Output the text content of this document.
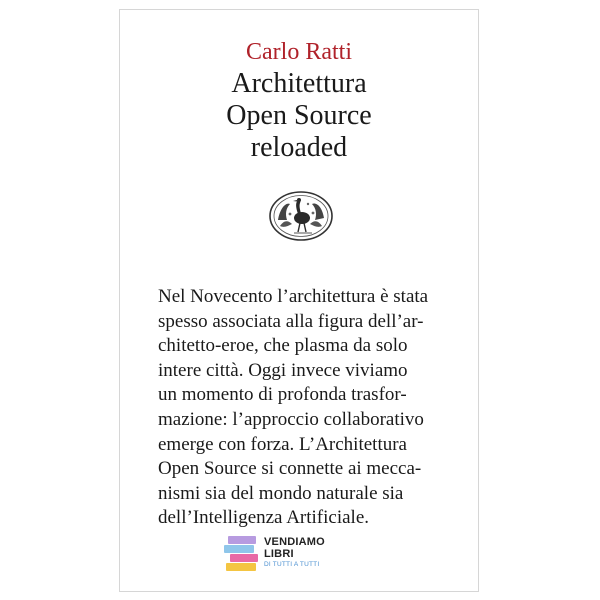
Carlo Ratti
Architettura
Open Source
reloaded
Nel Novecento l’architettura è stata
spesso associata alla figura dell’ar-
chitetto-eroe, che plasma da solo
intere città. Oggi invece viviamo
un momento di profonda trasfor-
mazione: l’approccio collaborativo
emerge con forza. L’Architettura
Open Source si connette ai mecca-
nismi sia del mondo naturale sia
dell’Intelligenza Artificiale.
VENDIAMO
LIBRI
DI TUTTI A TUTTI
